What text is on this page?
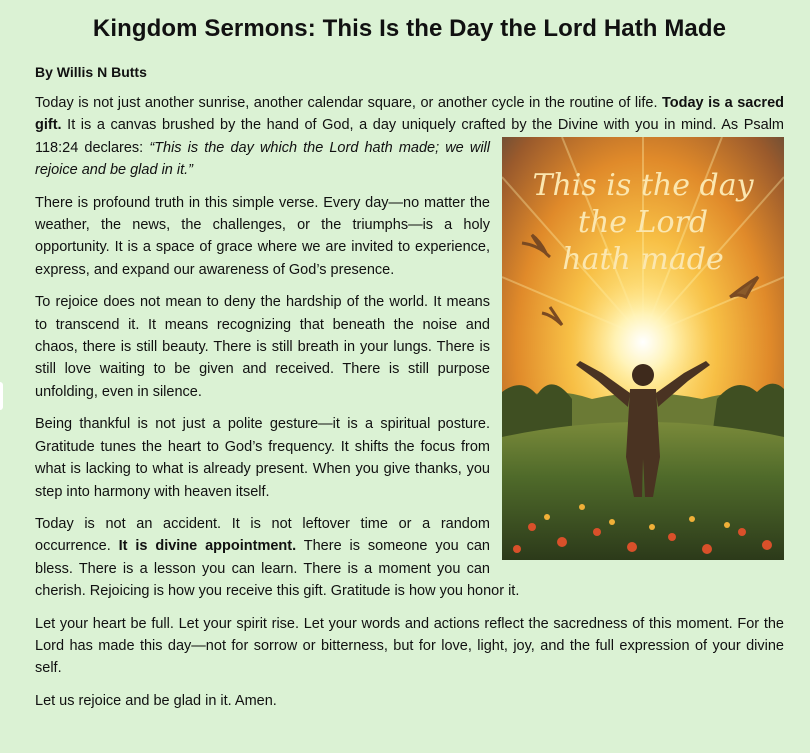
Kingdom Sermons: This Is the Day the Lord Hath Made
By Willis N Butts

Today is not just another sunrise, another calendar square, or another cycle in the routine of life. Today is a sacred gift. It is a canvas brushed by the hand of God, a day uniquely crafted by the Divine with you in mind. As Psalm 118:24 declares:
This is the day
the Lord
hath made
“This is the day which the Lord hath made; we will rejoice and be glad in it.”

There is profound truth in this simple verse. Every day—no matter the weather, the news, the challenges, or the triumphs—is a holy opportunity. It is a space of grace where we are invited to experience, express, and expand our awareness of God’s presence.

To rejoice does not mean to deny the hardship of the world. It means to transcend it. It means recognizing that beneath the noise and chaos, there is still beauty. There is still breath in your lungs. There is still love waiting to be given and received. There is still purpose unfolding, even in silence.

Being thankful is not just a polite gesture—it is a spiritual posture. Gratitude tunes the heart to God’s frequency. It shifts the focus from what is lacking to what is already present. When you give thanks, you step into harmony with heaven itself.

Today is not an accident. It is not leftover time or a random occurrence. It is divine appointment. There is someone you can bless. There is a lesson you can learn. There is a moment you can cherish. Rejoicing is how you receive this gift. Gratitude is how you honor it.

Let your heart be full. Let your spirit rise. Let your words and actions reflect the sacredness of this moment. For the Lord has made this day—not for sorrow or bitterness, but for love, light, joy, and the full expression of your divine self.

Let us rejoice and be glad in it. Amen.
